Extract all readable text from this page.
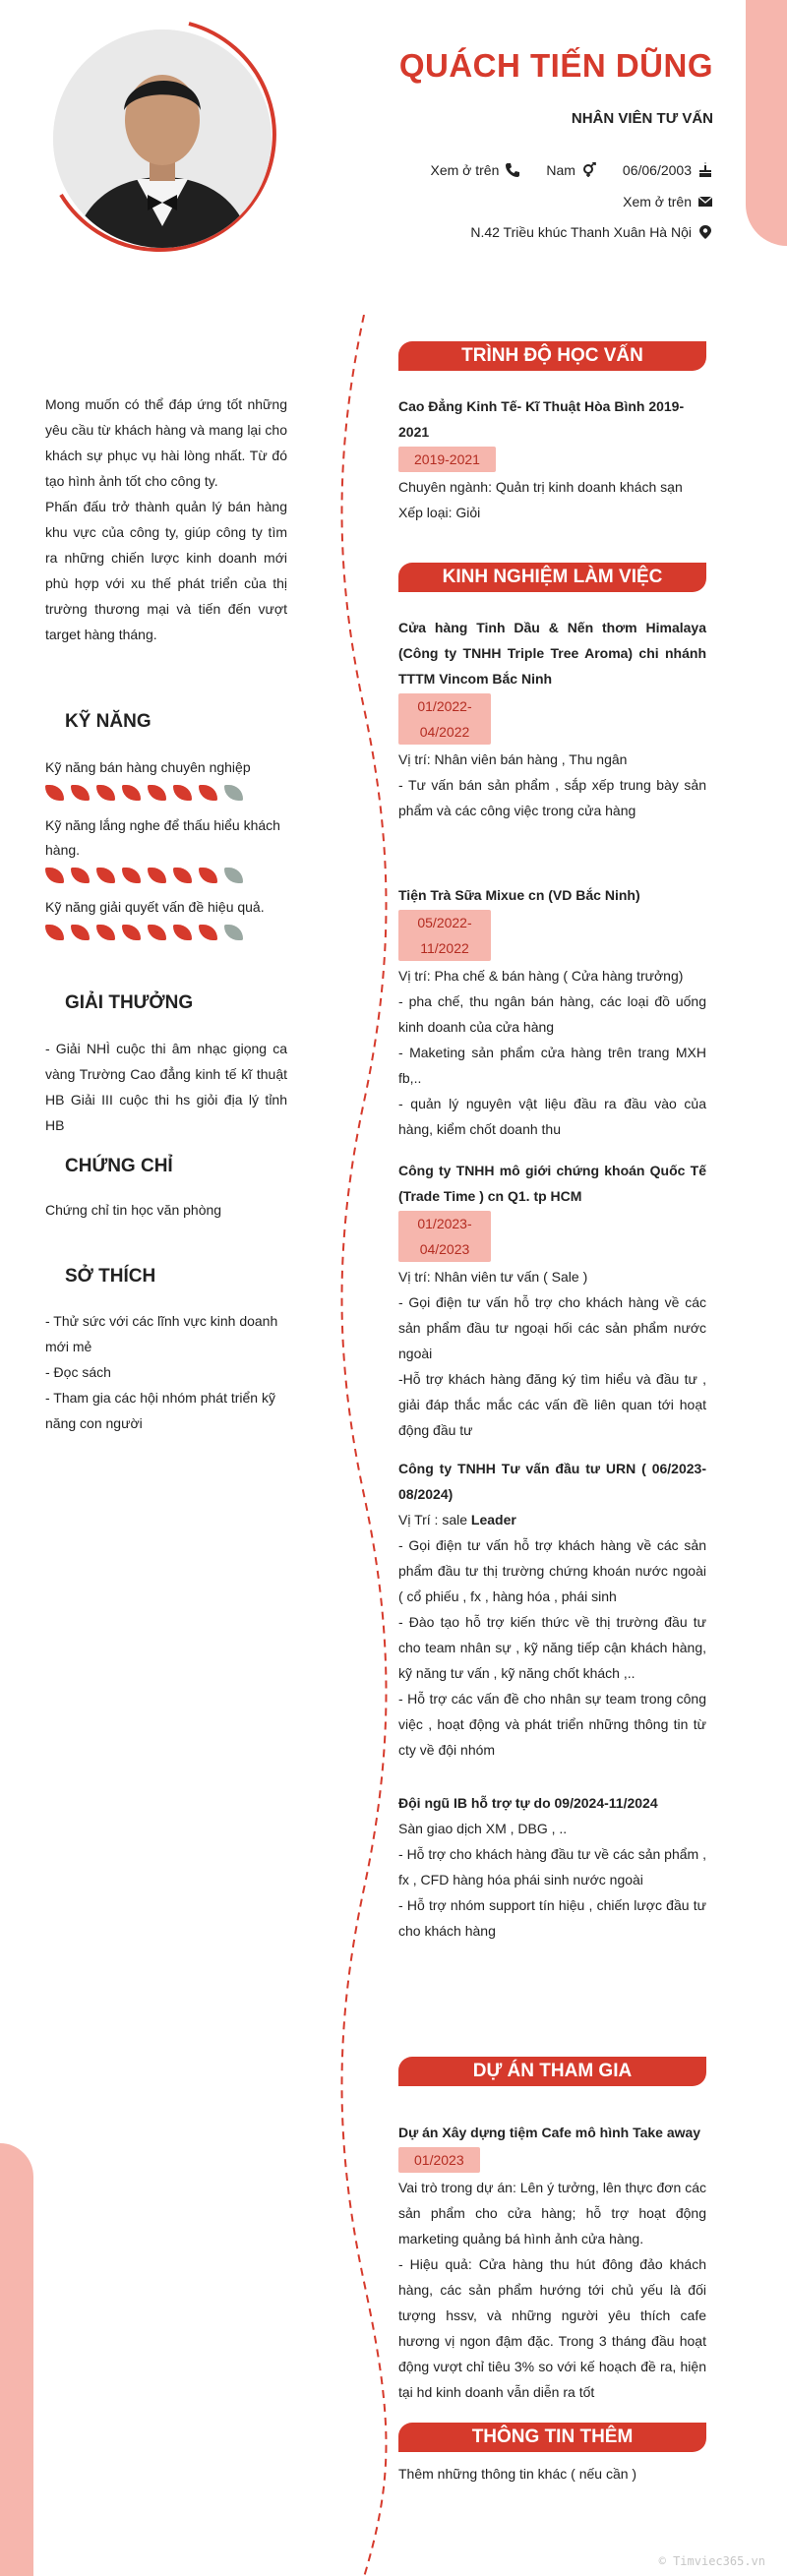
QUÁCH TIẾN DŨNG
NHÂN VIÊN TƯ VẤN
Xem ở trên	Nam	06/06/2003
Xem ở trên
N.42 Triều khúc Thanh Xuân Hà Nội
Mong muốn có thể đáp ứng tốt những yêu cầu từ khách hàng và mang lại cho khách sự phục vụ hài lòng nhất. Từ đó tạo hình ảnh tốt cho công ty.
Phấn đấu trở thành quản lý bán hàng khu vực của công ty, giúp công ty tìm ra những chiến lược kinh doanh mới phù hợp với xu thế phát triển của thị trường thương mại và tiến đến vượt target hàng tháng.
KỸ NĂNG
Kỹ năng bán hàng chuyên nghiệp
Kỹ năng lắng nghe để thấu hiểu khách hàng.
Kỹ năng giải quyết vấn đề hiệu quả.
GIẢI THƯỞNG
- Giải NHÌ cuộc thi âm nhạc giọng ca vàng Trường Cao đẳng kinh tế kĩ thuật HB Giải III cuộc thi hs giỏi địa lý tỉnh HB
CHỨNG CHỈ
Chứng chỉ tin học văn phòng
SỞ THÍCH
- Thử sức với các lĩnh vực kinh doanh mới mẻ
- Đọc sách
- Tham gia các hội nhóm phát triển kỹ năng con người
TRÌNH ĐỘ HỌC VẤN
Cao Đẳng Kinh Tế- Kĩ Thuật Hòa Bình 2019-2021
2019-2021
Chuyên ngành: Quản trị kinh doanh khách sạn
Xếp loại: Giỏi
KINH NGHIỆM LÀM VIỆC
Cửa hàng Tinh Dầu & Nến thơm Himalaya (Công ty TNHH Triple Tree Aroma) chi nhánh TTTM Vincom Bắc Ninh
01/2022-04/2022
Vị trí: Nhân viên bán hàng , Thu ngân
- Tư vấn bán sản phẩm , sắp xếp trung bày sản phẩm và các công việc trong cửa hàng
Tiện Trà Sữa Mixue cn (VD Bắc Ninh)
05/2022-11/2022
Vị trí: Pha chế & bán hàng ( Cửa hàng trưởng)
- pha chế, thu ngân bán hàng, các loại đồ uống kinh doanh của cửa hàng
- Maketing sản phẩm cửa hàng trên trang MXH fb,..
- quản lý nguyên vật liệu đầu ra đầu vào của hàng, kiểm chốt doanh thu
Công ty TNHH mô giới chứng khoán Quốc Tế (Trade Time ) cn Q1. tp HCM
01/2023-04/2023
Vị trí: Nhân viên tư vấn ( Sale )
- Gọi điện tư vấn hỗ trợ cho khách hàng về các sản phẩm đầu tư ngoại hối các sản phẩm nước ngoài
-Hỗ trợ khách hàng đăng ký tìm hiểu và đầu tư , giải đáp thắc mắc các vấn đề liên quan tới hoạt động đầu tư
Công ty TNHH Tư vấn đầu tư URN ( 06/2023-08/2024)
Vị Trí : sale Leader
- Gọi điện tư vấn hỗ trợ khách hàng về các sản phẩm đầu tư thị trường chứng khoán nước ngoài ( cổ phiếu , fx , hàng hóa , phái sinh
- Đào tạo hỗ trợ kiến thức về thị trường đầu tư cho team nhân sự , kỹ năng tiếp cận khách hàng, kỹ năng tư vấn , kỹ năng chốt khách ,..
- Hỗ trợ các vấn đề cho nhân sự team trong công việc , hoạt động và phát triển những thông tin từ cty về đội nhóm
Đội ngũ IB hỗ trợ tự do 09/2024-11/2024
Sàn giao dịch XM , DBG , ..
- Hỗ trợ cho khách hàng đầu tư về các sản phẩm , fx , CFD hàng hóa phái sinh nước ngoài
- Hỗ trợ nhóm support tín hiệu , chiến lược đầu tư cho khách hàng
DỰ ÁN THAM GIA
Dự án Xây dựng tiệm Cafe mô hình Take away
01/2023
Vai trò trong dự án: Lên ý tưởng, lên thực đơn các sản phẩm cho cửa hàng; hỗ trợ hoạt động marketing quảng bá hình ảnh cửa hàng.
- Hiệu quả: Cửa hàng thu hút đông đảo khách hàng, các sản phẩm hướng tới chủ yếu là đối tượng hssv, và những người yêu thích cafe hương vị ngon đậm đặc. Trong 3 tháng đầu hoạt động vượt chỉ tiêu 3% so với kế hoạch đề ra, hiện tại hd kinh doanh vẫn diễn ra tốt
THÔNG TIN THÊM
Thêm những thông tin khác ( nếu cần )
© Timviec365.vn
